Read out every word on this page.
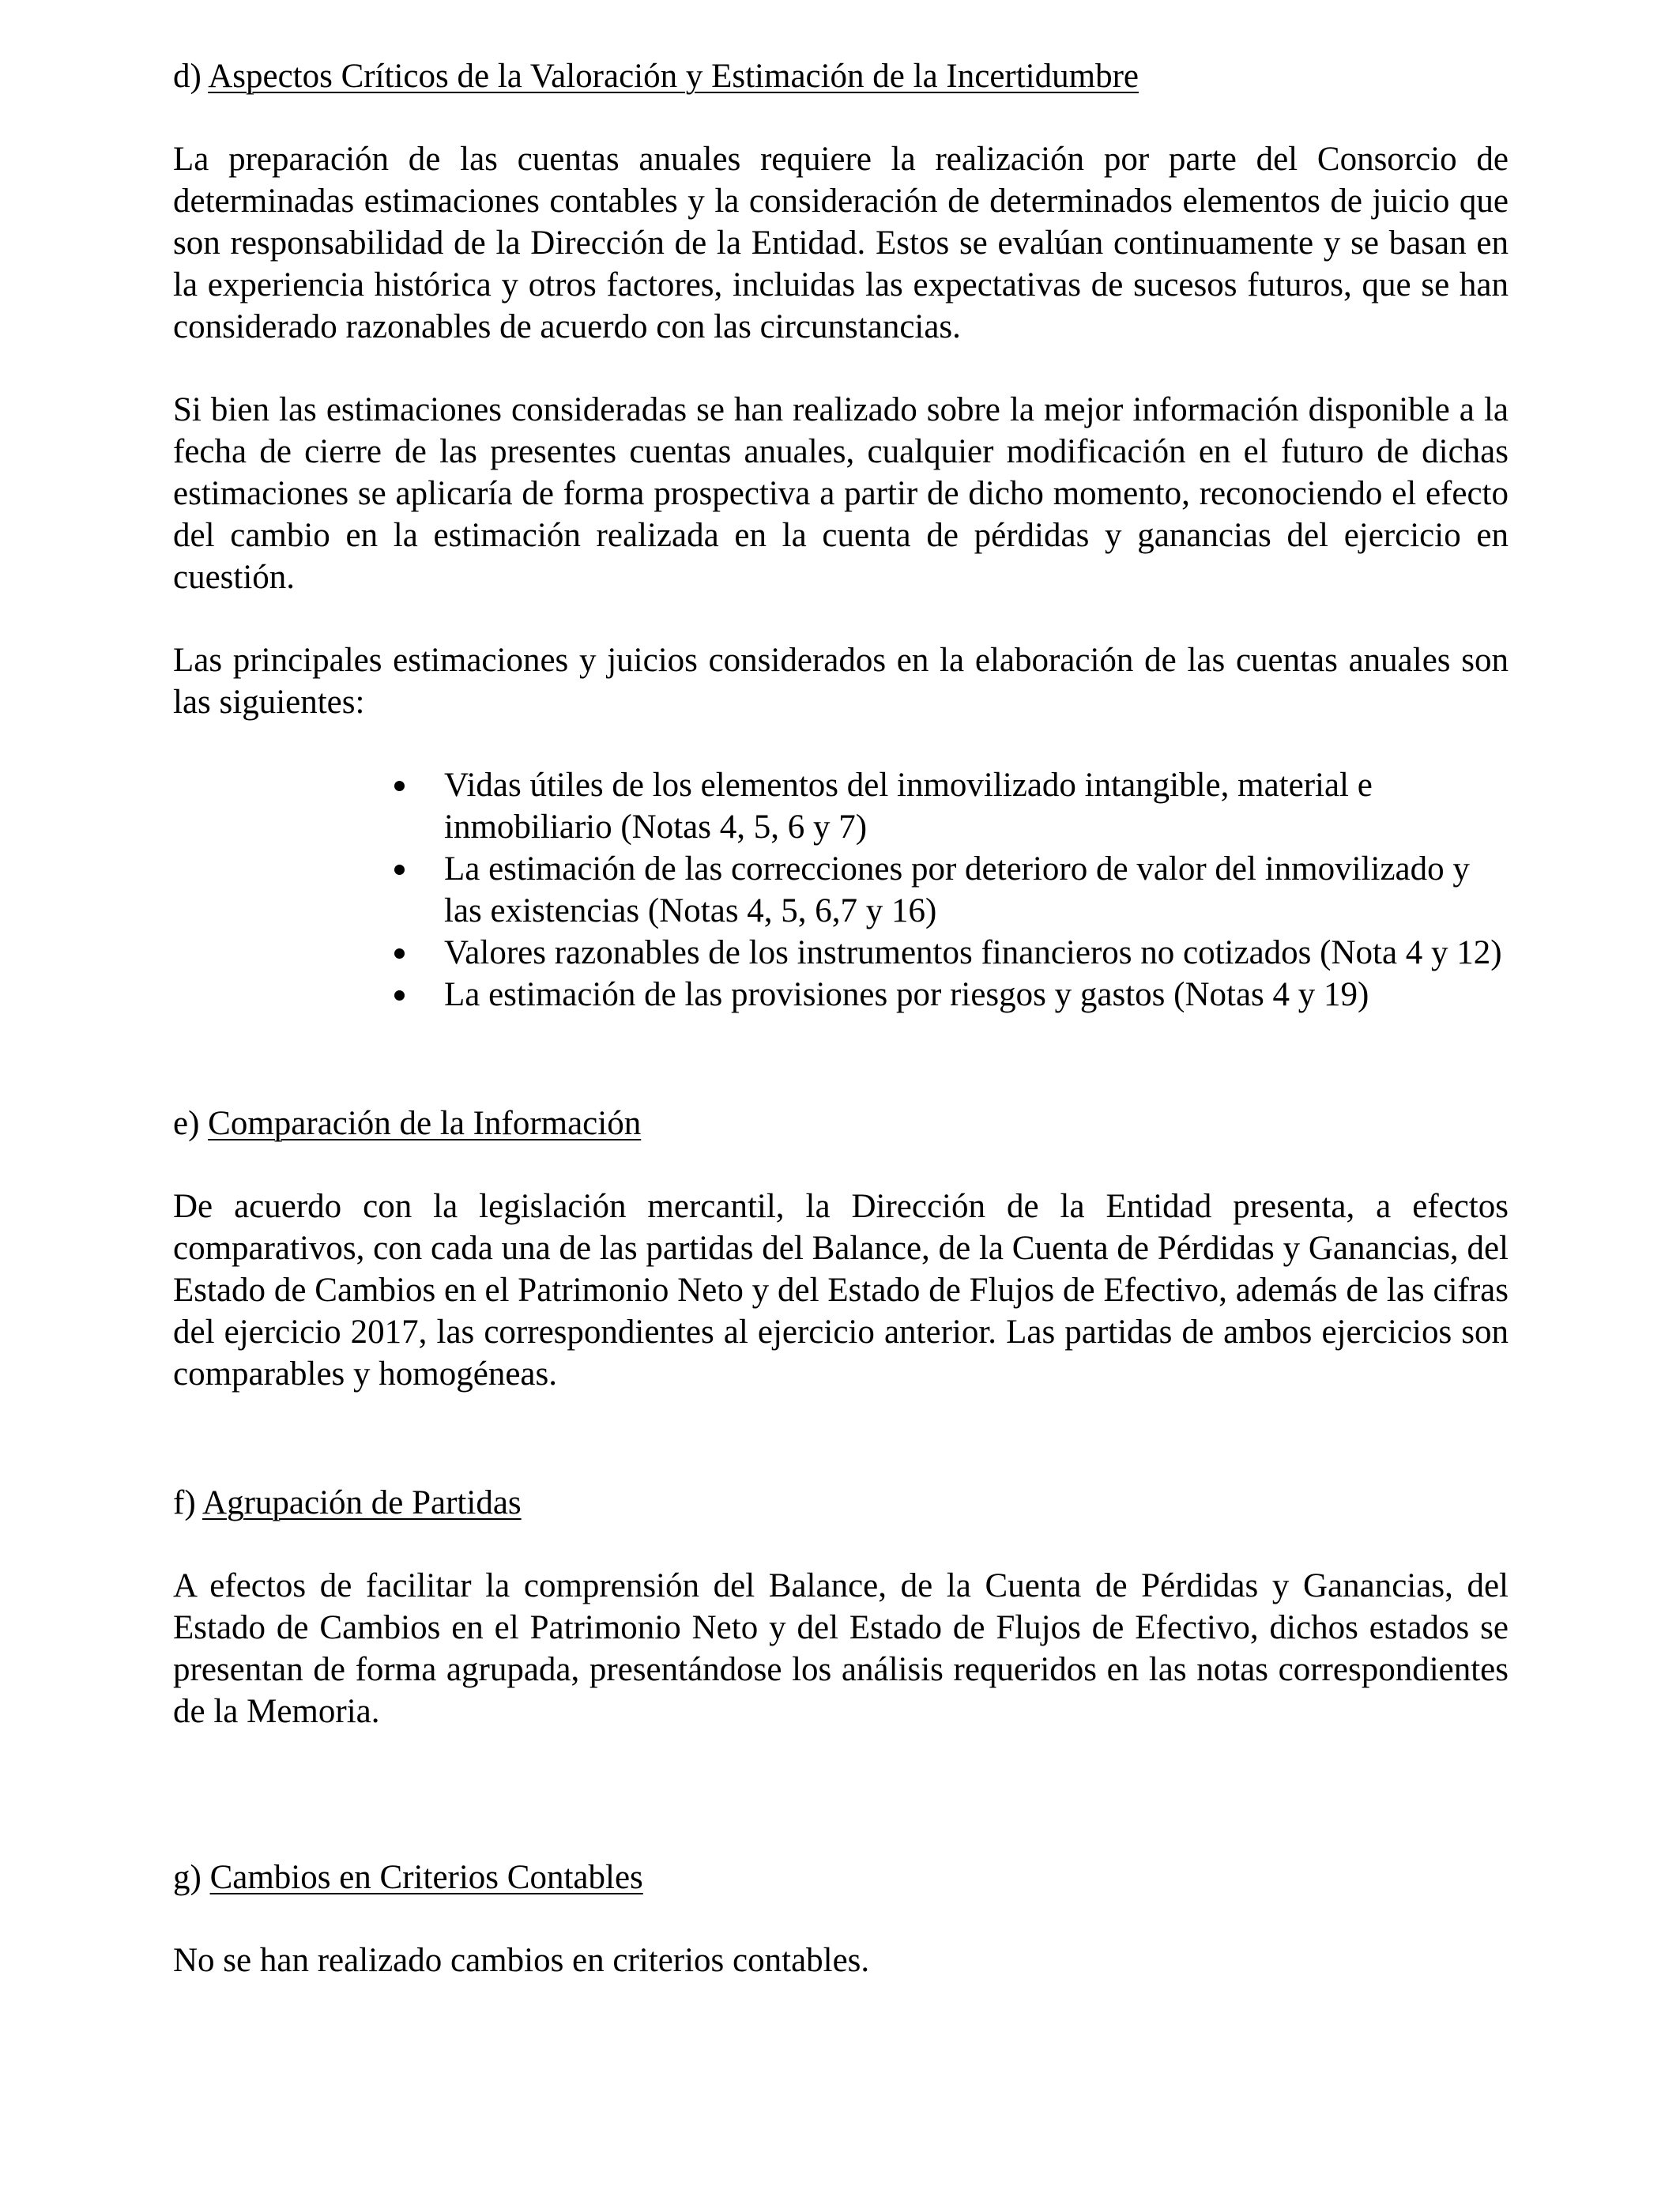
d) Aspectos Críticos de la Valoración y Estimación de la Incertidumbre

La preparación de las cuentas anuales requiere la realización por parte del Consorcio de determinadas estimaciones contables y la consideración de determinados elementos de juicio que son responsabilidad de la Dirección de la Entidad. Estos se evalúan continuamente y se basan en la experiencia histórica y otros factores, incluidas las expectativas de sucesos futuros, que se han considerado razonables de acuerdo con las circunstancias.

Si bien las estimaciones consideradas se han realizado sobre la mejor información disponible a la fecha de cierre de las presentes cuentas anuales, cualquier modificación en el futuro de dichas estimaciones se aplicaría de forma prospectiva a partir de dicho momento, reconociendo el efecto del cambio en la estimación realizada en la cuenta de pérdidas y ganancias del ejercicio en cuestión.

Las principales estimaciones y juicios considerados en la elaboración de las cuentas anuales son las siguientes:

Vidas útiles de los elementos del inmovilizado intangible, material e inmobiliario (Notas 4, 5, 6 y 7)
La estimación de las correcciones por deterioro de valor del inmovilizado y las existencias (Notas 4, 5, 6,7 y 16)
Valores razonables de los instrumentos financieros no cotizados (Nota 4 y 12)
La estimación de las provisiones por riesgos y gastos (Notas 4 y 19)
e) Comparación de la Información

De acuerdo con la legislación mercantil, la Dirección de la Entidad presenta, a efectos comparativos, con cada una de las partidas del Balance, de la Cuenta de Pérdidas y Ganancias, del Estado de Cambios en el Patrimonio Neto y del Estado de Flujos de Efectivo, además de las cifras del ejercicio 2017, las correspondientes al ejercicio anterior. Las partidas de ambos ejercicios son comparables y homogéneas.

f) Agrupación de Partidas

A efectos de facilitar la comprensión del Balance, de la Cuenta de Pérdidas y Ganancias, del Estado de Cambios en el Patrimonio Neto y del Estado de Flujos de Efectivo, dichos estados se presentan de forma agrupada, presentándose los análisis requeridos en las notas correspondientes de la Memoria.

g) Cambios en Criterios Contables

No se han realizado cambios en criterios contables.
